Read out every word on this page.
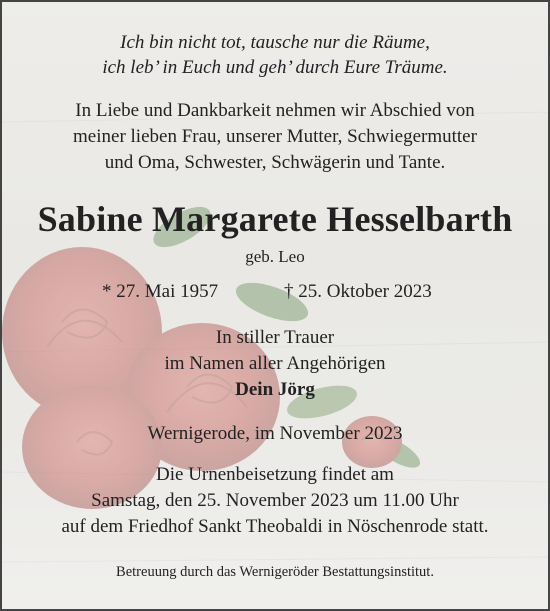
Ich bin nicht tot, tausche nur die Räume,
ich leb’ in Euch und geh’ durch Eure Träume.
In Liebe und Dankbarkeit nehmen wir Abschied von
meiner lieben Frau, unserer Mutter, Schwiegermutter
und Oma, Schwester, Schwägerin und Tante.
Sabine Margarete Hesselbarth
geb. Leo
* 27. Mai 1957	† 25. Oktober 2023
In stiller Trauer
im Namen aller Angehörigen
Dein Jörg
Wernigerode, im November 2023
Die Urnenbeisetzung findet am
Samstag, den 25. November 2023 um 11.00 Uhr
auf dem Friedhof Sankt Theobaldi in Nöschenrode statt.
Betreuung durch das Wernigeröder Bestattungsinstitut.
